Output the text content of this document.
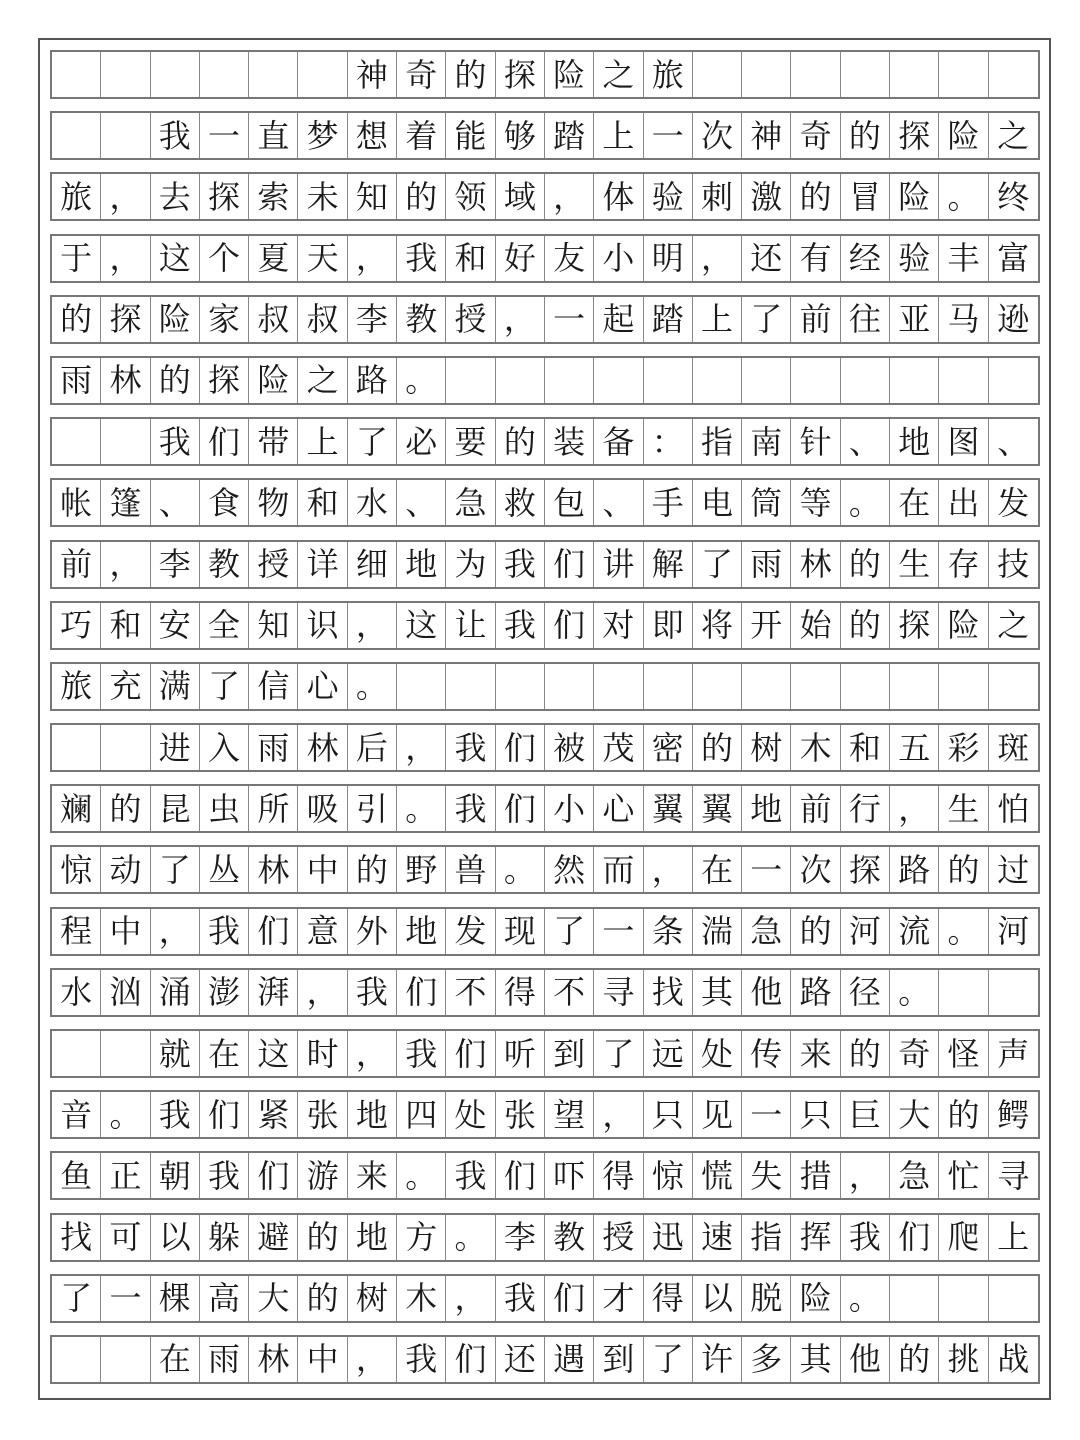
神 奇 的 探 险 之 旅
我 一 直 梦 想 着 能 够 踏 上 一 次 神 奇 的 探 险 之
旅 ， 去 探 索 未 知 的 领 域 ， 体 验 刺 激 的 冒 险 。 终
于 ， 这 个 夏 天 ， 我 和 好 友 小 明 ， 还 有 经 验 丰 富
的 探 险 家 叔 叔 李 教 授 ， 一 起 踏 上 了 前 往 亚 马 逊
雨 林 的 探 险 之 路 。
我 们 带 上 了 必 要 的 装 备 ： 指 南 针 、 地 图 、
帐 篷 、 食 物 和 水 、 急 救 包 、 手 电 筒 等 。 在 出 发
前 ， 李 教 授 详 细 地 为 我 们 讲 解 了 雨 林 的 生 存 技
巧 和 安 全 知 识 ， 这 让 我 们 对 即 将 开 始 的 探 险 之
旅 充 满 了 信 心 。
进 入 雨 林 后 ， 我 们 被 茂 密 的 树 木 和 五 彩 斑
斓 的 昆 虫 所 吸 引 。 我 们 小 心 翼 翼 地 前 行 ， 生 怕
惊 动 了 丛 林 中 的 野 兽 。 然 而 ， 在 一 次 探 路 的 过
程 中 ， 我 们 意 外 地 发 现 了 一 条 湍 急 的 河 流 。 河
水 汹 涌 澎 湃 ， 我 们 不 得 不 寻 找 其 他 路 径 。
就 在 这 时 ， 我 们 听 到 了 远 处 传 来 的 奇 怪 声
音 。 我 们 紧 张 地 四 处 张 望 ， 只 见 一 只 巨 大 的 鳄
鱼 正 朝 我 们 游 来 。 我 们 吓 得 惊 慌 失 措 ， 急 忙 寻
找 可 以 躲 避 的 地 方 。 李 教 授 迅 速 指 挥 我 们 爬 上
了 一 棵 高 大 的 树 木 ， 我 们 才 得 以 脱 险 。
在 雨 林 中 ， 我 们 还 遇 到 了 许 多 其 他 的 挑 战
